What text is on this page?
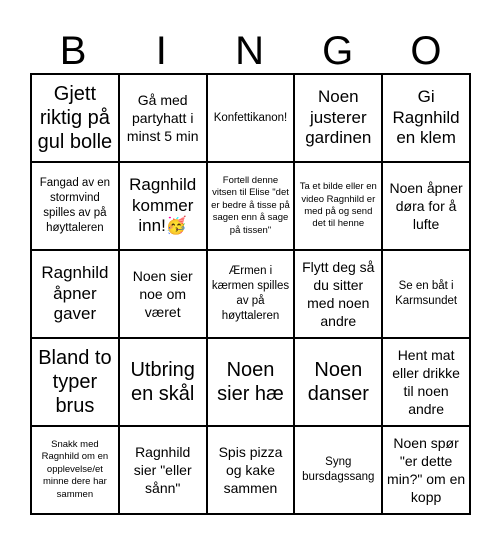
B	I	N	G	O
Gjett riktig på gul bolle
Gå med partyhatt i minst 5 min
Konfettikanon!
Noen justerer gardinen
Gi Ragnhild en klem
Fangad av en stormvind spilles av på høyttaleren
Ragnhild kommer inn!🥳
Fortell denne vitsen til Elise "det er bedre å tisse på sagen enn å sage på tissen"
Ta et bilde eller en video Ragnhild er med på og send det til henne
Noen åpner døra for å lufte
Ragnhild åpner gaver
Noen sier noe om været
Ærmen i kærmen spilles av på høyttaleren
Flytt deg så du sitter med noen andre
Se en båt i Karmsundet
Bland to typer brus
Utbring en skål
Noen sier hæ
Noen danser
Hent mat eller drikke til noen andre
Snakk med Ragnhild om en opplevelse/et minne dere har sammen
Ragnhild sier "eller sånn"
Spis pizza og kake sammen
Syng bursdagssang
Noen spør "er dette min?" om en kopp
